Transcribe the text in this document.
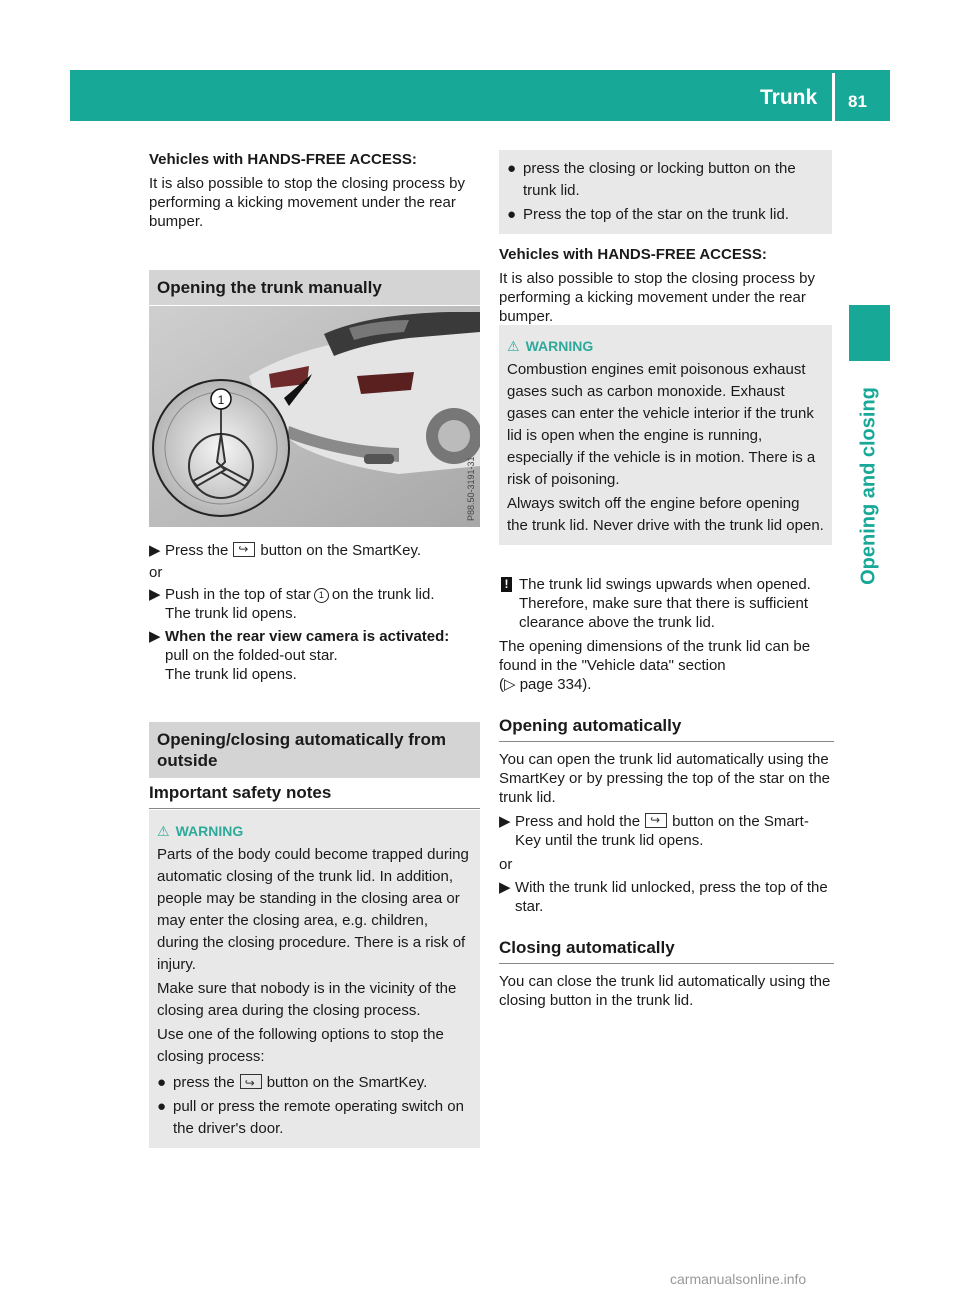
Trunk 81
Opening and closing

Vehicles with HANDS-FREE ACCESS:

It is also possible to stop the closing process by performing a kicking movement under the rear bumper.

Opening the trunk manually
1
P88.50-3191-31
▶ Press the ↪ button on the SmartKey.

or

▶ Push in the top of star 1 on the trunk lid.
The trunk lid opens.
▶ When the rear view camera is activated:
pull on the folded-out star.
The trunk lid opens.
Opening/closing automatically from outside
Important safety notes
⚠ WARNING

Parts of the body could become trapped during automatic closing of the trunk lid. In addition, people may be standing in the closing area or may enter the closing area, e.g. children, during the closing procedure. There is a risk of injury.

Make sure that nobody is in the vicinity of the closing area during the closing process.

Use one of the following options to stop the closing process:

● press the ↪ button on the SmartKey.
● pull or press the remote operating switch on the driver's door.
● press the closing or locking button on the trunk lid.
● Press the top of the star on the trunk lid.

Vehicles with HANDS-FREE ACCESS:

It is also possible to stop the closing process by performing a kicking movement under the rear bumper.

⚠ WARNING

Combustion engines emit poisonous exhaust gases such as carbon monoxide. Exhaust gases can enter the vehicle interior if the trunk lid is open when the engine is running, especially if the vehicle is in motion. There is a risk of poisoning.

Always switch off the engine before opening the trunk lid. Never drive with the trunk lid open.

! The trunk lid swings upwards when opened. Therefore, make sure that there is sufficient clearance above the trunk lid.

The opening dimensions of the trunk lid can be found in the "Vehicle data" section

(▷ page 334).

Opening automatically

You can open the trunk lid automatically using the SmartKey or by pressing the top of the star on the trunk lid.

▶ Press and hold the ↪ button on the Smart-Key until the trunk lid opens.

or

▶ With the trunk lid unlocked, press the top of the star.
Closing automatically

You can close the trunk lid automatically using the closing button in the trunk lid.

carmanualsonline.info
